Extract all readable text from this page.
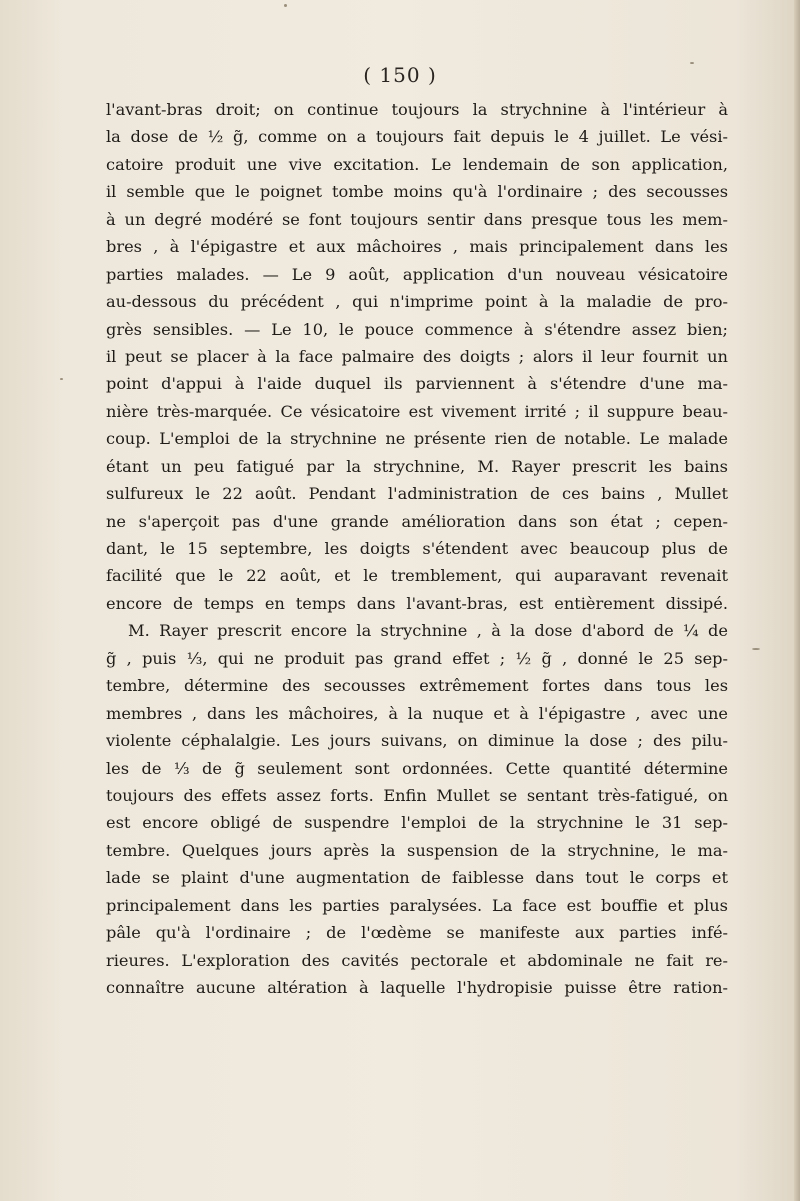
( 150 )
l'avant-bras droit; on continue toujours la strychnine à l'intérieur à
la dose de ½ g̃, comme on a toujours fait depuis le 4 juillet. Le vési-
catoire produit une vive excitation. Le lendemain de son application,
il semble que le poignet tombe moins qu'à l'ordinaire ; des secousses
à un degré modéré se font toujours sentir dans presque tous les mem-
bres , à l'épigastre et aux mâchoires , mais principalement dans les
parties malades. — Le 9 août, application d'un nouveau vésicatoire
au-dessous du précédent , qui n'imprime point à la maladie de pro-
grès sensibles. — Le 10, le pouce commence à s'étendre assez bien;
il peut se placer à la face palmaire des doigts ; alors il leur fournit un
point d'appui à l'aide duquel ils parviennent à s'étendre d'une ma-
nière très-marquée. Ce vésicatoire est vivement irrité ; il suppure beau-
coup. L'emploi de la strychnine ne présente rien de notable. Le malade
étant un peu fatigué par la strychnine, M. Rayer prescrit les bains
sulfureux le 22 août. Pendant l'administration de ces bains , Mullet
ne s'aperçoit pas d'une grande amélioration dans son état ; cepen-
dant, le 15 septembre, les doigts s'étendent avec beaucoup plus de
facilité que le 22 août, et le tremblement, qui auparavant revenait
encore de temps en temps dans l'avant-bras, est entièrement dissipé.
M. Rayer prescrit encore la strychnine , à la dose d'abord de ¼ de
g̃ , puis ⅓, qui ne produit pas grand effet ; ½ g̃ , donné le 25 sep-
tembre, détermine des secousses extrêmement fortes dans tous les
membres , dans les mâchoires, à la nuque et à l'épigastre , avec une
violente céphalalgie. Les jours suivans, on diminue la dose ; des pilu-
les de ⅓ de g̃ seulement sont ordonnées. Cette quantité détermine
toujours des effets assez forts. Enfin Mullet se sentant très-fatigué, on
est encore obligé de suspendre l'emploi de la strychnine le 31 sep-
tembre. Quelques jours après la suspension de la strychnine, le ma-
lade se plaint d'une augmentation de faiblesse dans tout le corps et
principalement dans les parties paralysées. La face est bouffie et plus
pâle qu'à l'ordinaire ; de l'œdème se manifeste aux parties infé-
rieures. L'exploration des cavités pectorale et abdominale ne fait re-
connaître aucune altération à laquelle l'hydropisie puisse être ration-
